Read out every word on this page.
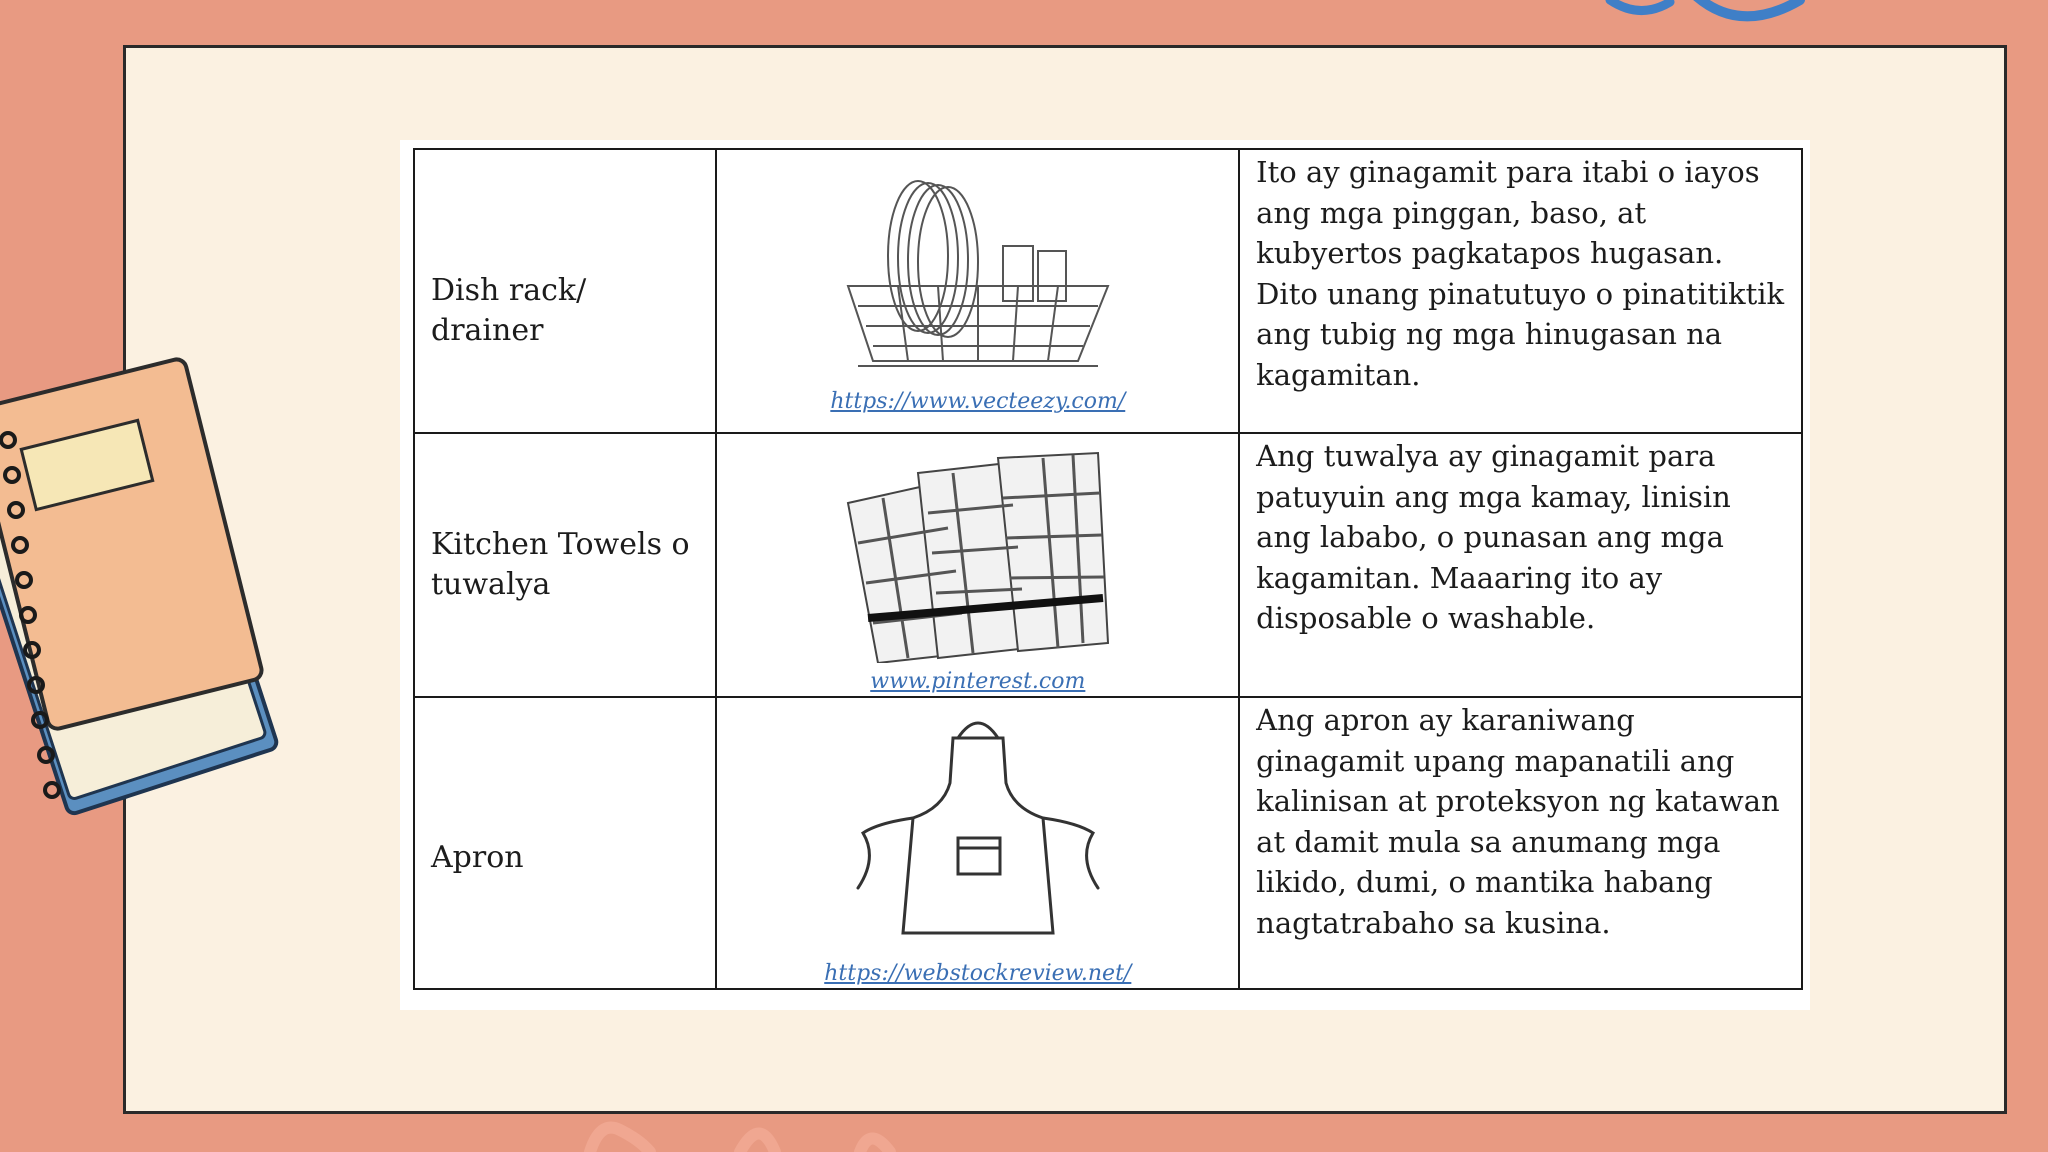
Dish rack/ drainer	https://www.vecteezy.com/	Ito ay ginagamit para itabi o iayos ang mga pinggan, baso, at kubyertos pagkatapos hugasan. Dito unang pinatutuyo o pinatitiktik ang tubig ng mga hinugasan na kagamitan.

Kitchen Towels o tuwalya	www.pinterest.com	Ang tuwalya ay ginagamit para patuyuin ang mga kamay, linisin ang lababo, o punasan ang mga kagamitan. Maaaring ito ay disposable o washable.

Apron	https://webstockreview.net/	Ang apron ay karaniwang ginagamit upang mapanatili ang kalinisan at proteksyon ng katawan at damit mula sa anumang mga likido, dumi, o mantika habang nagtatrabaho sa kusina.
